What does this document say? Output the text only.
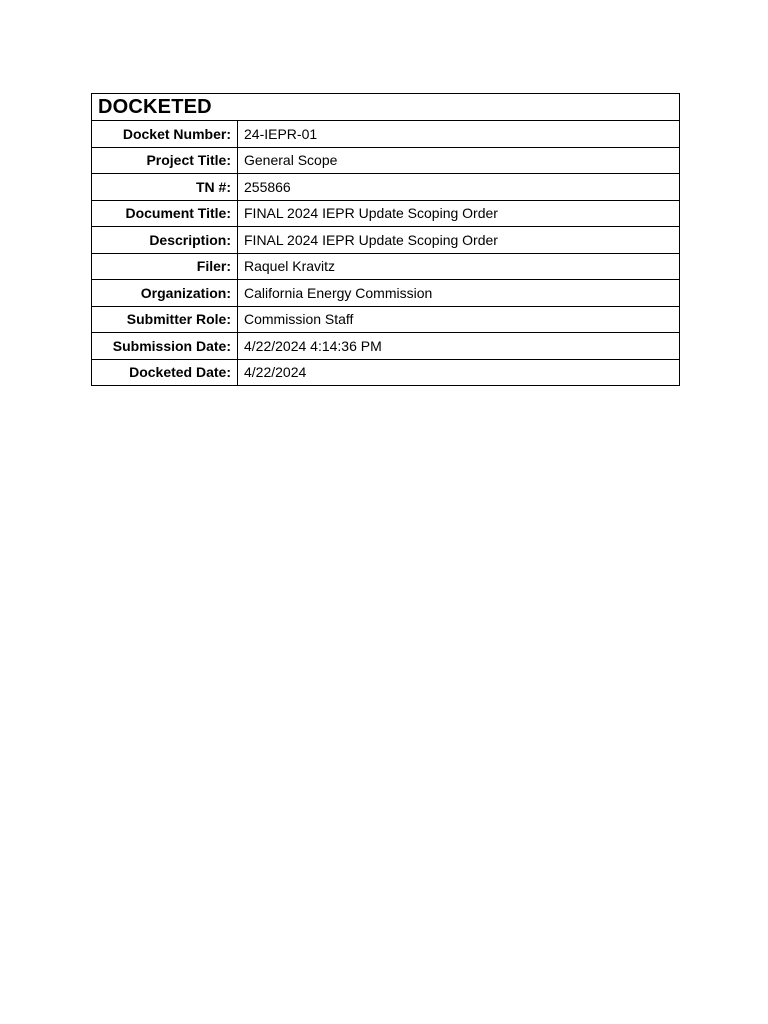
DOCKETED	
Docket Number:	24-IEPR-01
Project Title:	General Scope
TN #:	255866
Document Title:	FINAL 2024 IEPR Update Scoping Order
Description:	FINAL 2024 IEPR Update Scoping Order
Filer:	Raquel Kravitz
Organization:	California Energy Commission
Submitter Role:	Commission Staff
Submission Date:	4/22/2024 4:14:36 PM
Docketed Date:	4/22/2024
